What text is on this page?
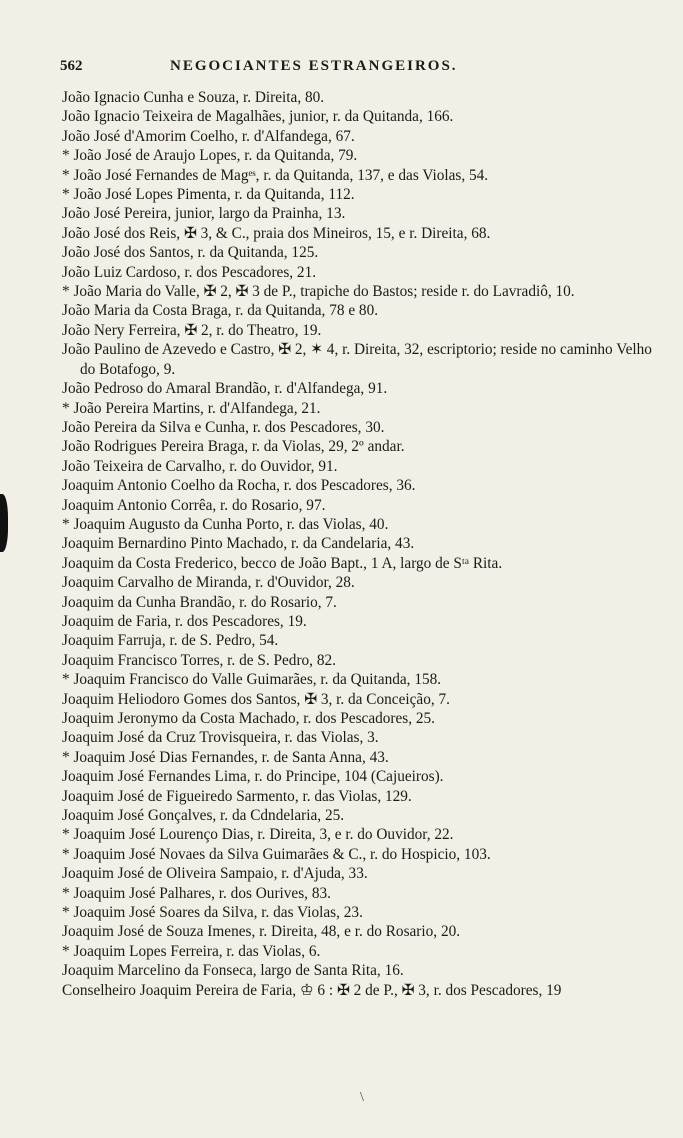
562	NEGOCIANTES ESTRANGEIROS.
João Ignacio Cunha e Souza, r. Direita, 80.
João Ignacio Teixeira de Magalhães, junior, r. da Quitanda, 166.
João José d'Amorim Coelho, r. d'Alfandega, 67.
* João José de Araujo Lopes, r. da Quitanda, 79.
* João José Fernandes de Magᵉˢ, r. da Quitanda, 137, e das Violas, 54.
* João José Lopes Pimenta, r. da Quitanda, 112.
João José Pereira, junior, largo da Prainha, 13.
João José dos Reis, ✠ 3, & C., praia dos Mineiros, 15, e r. Direita, 68.
João José dos Santos, r. da Quitanda, 125.
João Luiz Cardoso, r. dos Pescadores, 21.
* João Maria do Valle, ✠ 2, ✠ 3 de P., trapiche do Bastos; reside r. do Lavradiô, 10.
João Maria da Costa Braga, r. da Quitanda, 78 e 80.
João Nery Ferreira, ✠ 2, r. do Theatro, 19.
João Paulino de Azevedo e Castro, ✠ 2, ✶ 4, r. Direita, 32, escriptorio; reside no caminho Velho do Botafogo, 9.
João Pedroso do Amaral Brandão, r. d'Alfandega, 91.
* João Pereira Martins, r. d'Alfandega, 21.
João Pereira da Silva e Cunha, r. dos Pescadores, 30.
João Rodrigues Pereira Braga, r. da Violas, 29, 2º andar.
João Teixeira de Carvalho, r. do Ouvidor, 91.
Joaquim Antonio Coelho da Rocha, r. dos Pescadores, 36.
Joaquim Antonio Corrêa, r. do Rosario, 97.
* Joaquim Augusto da Cunha Porto, r. das Violas, 40.
Joaquim Bernardino Pinto Machado, r. da Candelaria, 43.
Joaquim da Costa Frederico, becco de João Bapt., 1 A, largo de Sᵗᵃ Rita.
Joaquim Carvalho de Miranda, r. d'Ouvidor, 28.
Joaquim da Cunha Brandão, r. do Rosario, 7.
Joaquim de Faria, r. dos Pescadores, 19.
Joaquim Farruja, r. de S. Pedro, 54.
Joaquim Francisco Torres, r. de S. Pedro, 82.
* Joaquim Francisco do Valle Guimarães, r. da Quitanda, 158.
Joaquim Heliodoro Gomes dos Santos, ✠ 3, r. da Conceição, 7.
Joaquim Jeronymo da Costa Machado, r. dos Pescadores, 25.
Joaquim José da Cruz Trovisqueira, r. das Violas, 3.
* Joaquim José Dias Fernandes, r. de Santa Anna, 43.
Joaquim José Fernandes Lima, r. do Principe, 104 (Cajueiros).
Joaquim José de Figueiredo Sarmento, r. das Violas, 129.
Joaquim José Gonçalves, r. da Cdndelaria, 25.
* Joaquim José Lourenço Dias, r. Direita, 3, e r. do Ouvidor, 22.
* Joaquim José Novaes da Silva Guimarães & C., r. do Hospicio, 103.
Joaquim José de Oliveira Sampaio, r. d'Ajuda, 33.
* Joaquim José Palhares, r. dos Ourives, 83.
* Joaquim José Soares da Silva, r. das Violas, 23.
Joaquim José de Souza Imenes, r. Direita, 48, e r. do Rosario, 20.
* Joaquim Lopes Ferreira, r. das Violas, 6.
Joaquim Marcelino da Fonseca, largo de Santa Rita, 16.
Conselheiro Joaquim Pereira de Faria, ♔ 6 : ✠ 2 de P., ✠ 3, r. dos Pescadores, 19
\
